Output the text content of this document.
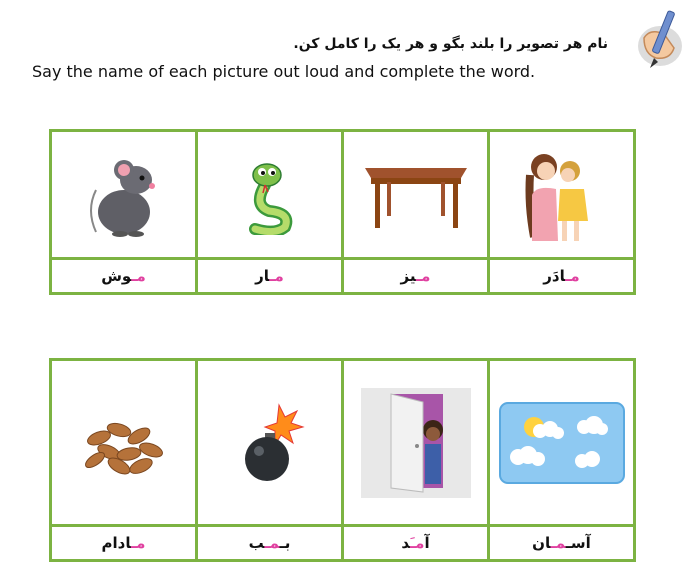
نام هر تصویر را بلند بگو و هر یک را کامل کن.
Say the name of each picture out loud and complete the word.

مـوش	مـار	مـیز	مـادَر

مـادام	بـمـب	آمـَد	آسـمـان
